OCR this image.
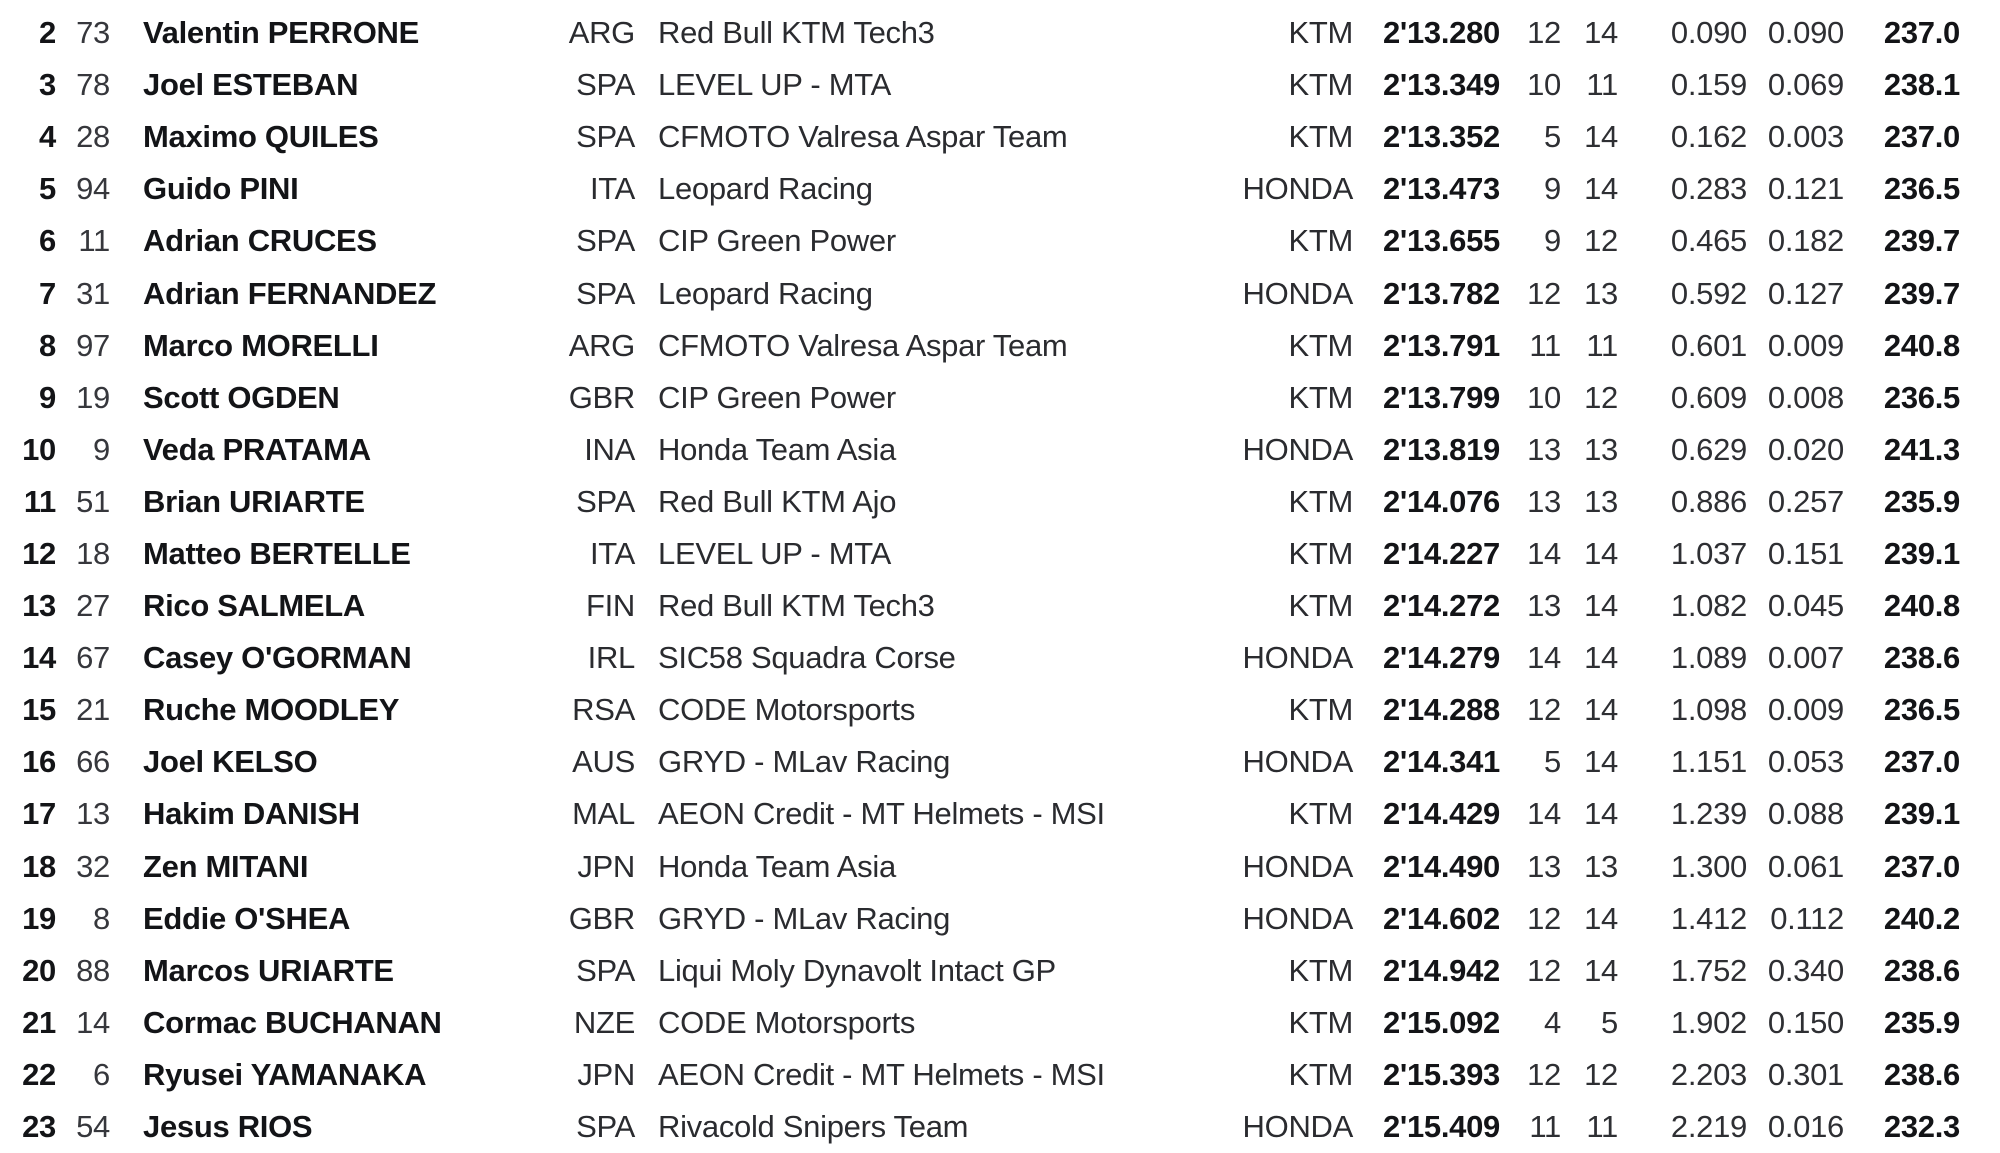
2 73	Valentin PERRONE	ARG Red Bull KTM Tech3	KTM 2'13.280 12 14	0.090 0.090	237.0
3 78	Joel ESTEBAN	SPA LEVEL UP - MTA	KTM 2'13.349 10 11	0.159 0.069	238.1
4 28	Maximo QUILES	SPA CFMOTO Valresa Aspar Team	KTM 2'13.352	5 14	0.162 0.003	237.0
5 94	Guido PINI	ITA Leopard Racing	HONDA 2'13.473	9 14	0.283 0.121	236.5
6 11	Adrian CRUCES	SPA CIP Green Power	KTM 2'13.655	9 12	0.465 0.182	239.7
7 31	Adrian FERNANDEZ	SPA Leopard Racing	HONDA 2'13.782 12 13	0.592 0.127	239.7
8 97	Marco MORELLI	ARG CFMOTO Valresa Aspar Team	KTM 2'13.791 11 11	0.601 0.009	240.8
9 19	Scott OGDEN	GBR CIP Green Power	KTM 2'13.799 10 12	0.609 0.008	236.5
10	9	Veda PRATAMA	INA Honda Team Asia	HONDA 2'13.819 13 13	0.629 0.020	241.3
11 51	Brian URIARTE	SPA Red Bull KTM Ajo	KTM 2'14.076 13 13	0.886 0.257	235.9
12 18	Matteo BERTELLE	ITA LEVEL UP - MTA	KTM 2'14.227 14 14	1.037 0.151	239.1
13 27	Rico SALMELA	FIN Red Bull KTM Tech3	KTM 2'14.272 13 14	1.082 0.045	240.8
14 67	Casey O'GORMAN	IRL SIC58 Squadra Corse	HONDA 2'14.279 14 14	1.089 0.007	238.6
15 21	Ruche MOODLEY	RSA CODE Motorsports	KTM 2'14.288 12 14	1.098 0.009	236.5
16 66	Joel KELSO	AUS GRYD - MLav Racing	HONDA 2'14.341	5 14	1.151 0.053	237.0
17 13	Hakim DANISH	MAL AEON Credit - MT Helmets - MSI	KTM 2'14.429 14 14	1.239 0.088	239.1
18 32	Zen MITANI	JPN Honda Team Asia	HONDA 2'14.490 13 13	1.300 0.061	237.0
19	8	Eddie O'SHEA	GBR GRYD - MLav Racing	HONDA 2'14.602 12 14	1.412 0.112	240.2
20 88	Marcos URIARTE	SPA Liqui Moly Dynavolt Intact GP	KTM 2'14.942 12 14	1.752 0.340	238.6
21 14	Cormac BUCHANAN	NZE CODE Motorsports	KTM 2'15.092	4	5	1.902 0.150	235.9
22	6	Ryusei YAMANAKA	JPN AEON Credit - MT Helmets - MSI	KTM 2'15.393 12 12	2.203 0.301	238.6
23 54	Jesus RIOS	SPA Rivacold Snipers Team	HONDA 2'15.409 11 11	2.219 0.016	232.3
